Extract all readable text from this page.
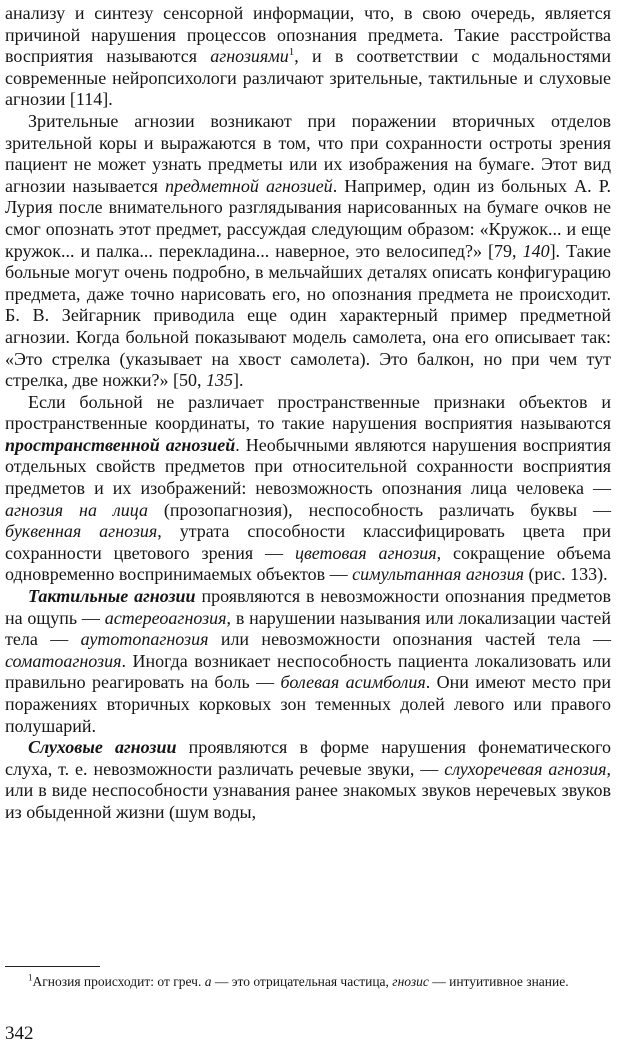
анализу и синтезу сенсорной информации, что, в свою очередь, является причиной нарушения процессов опознания предмета. Такие расстройства восприятия называются агнозиями$^1$, и в соответствии с модальностями современные нейропсихологи различают зрительные, тактильные и слуховые агнозии [114].

Зрительные агнозии возникают при поражении вторичных отделов зрительной коры и выражаются в том, что при сохранности остроты зрения пациент не может узнать предметы или их изображения на бумаге. Этот вид агнозии называется предметной агнозией. Например, один из больных А. Р. Лурия после внимательного разглядывания нарисованных на бумаге очков не смог опознать этот предмет, рассуждая следующим образом: «Кружок... и еще кружок... и палка... перекладина... наверное, это велосипед?» [79, 140]. Такие больные могут очень подробно, в мельчайших деталях описать конфигурацию предмета, даже точно нарисовать его, но опознания предмета не происходит. Б. В. Зейгарник приводила еще один характерный пример предметной агнозии. Когда больной показывают модель самолета, она его описывает так: «Это стрелка (указывает на хвост самолета). Это балкон, но при чем тут стрелка, две ножки?» [50, 135].

Если больной не различает пространственные признаки объектов и пространственные координаты, то такие нарушения восприятия называются пространственной агнозией. Необычными являются нарушения восприятия отдельных свойств предметов при относительной сохранности восприятия предметов и их изображений: невозможность опознания лица человека — агнозия на лица (прозопагнозия), неспособность различать буквы — буквенная агнозия, утрата способности классифицировать цвета при сохранности цветового зрения — цветовая агнозия, сокращение объема одновременно воспринимаемых объектов — симультанная агнозия (рис. 133).

Тактильные агнозии проявляются в невозможности опознания предметов на ощупь — астереоагнозия, в нарушении называния или локализации частей тела — аутотопагнозия или невозможности опознания частей тела — соматоагнозия. Иногда возникает неспособность пациента локализовать или правильно реагировать на боль — болевая асимболия. Они имеют место при поражениях вторичных корковых зон теменных долей левого или правого полушарий.

Слуховые агнозии проявляются в форме нарушения фонематического слуха, т. е. невозможности различать речевые звуки, — слухоречевая агнозия, или в виде неспособности узнавания ранее знакомых звуков неречевых звуков из обыденной жизни (шум воды,

$^1$Агнозия происходит: от греч. а — это отрицательная частица, гнозис — интуитивное знание.

342
